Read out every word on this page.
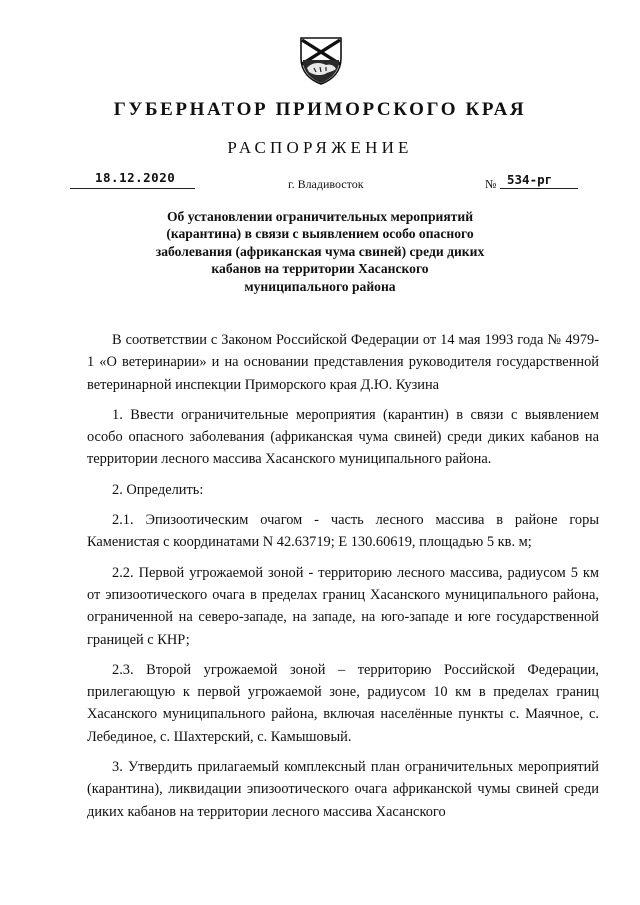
ГУБЕРНАТОР ПРИМОРСКОГО КРАЯ
РАСПОРЯЖЕНИЕ
18.12.2020	г. Владивосток	№ 534-рг
Об установлении ограничительных мероприятий
(карантина) в связи с выявлением особо опасного
заболевания (африканская чума свиней) среди диких
кабанов на территории Хасанского
муниципального района

В соответствии с Законом Российской Федерации от 14 мая 1993 года № 4979-1 «О ветеринарии» и на основании представления руководителя государственной ветеринарной инспекции Приморского края Д.Ю. Кузина

1. Ввести ограничительные мероприятия (карантин) в связи с выявлением особо опасного заболевания (африканская чума свиней) среди диких кабанов на территории лесного массива Хасанского муниципального района.

2. Определить:

2.1. Эпизоотическим очагом - часть лесного массива в районе горы Каменистая с координатами N 42.63719; E 130.60619, площадью 5 кв. м;

2.2. Первой угрожаемой зоной - территорию лесного массива, радиусом 5 км от эпизоотического очага в пределах границ Хасанского муниципального района, ограниченной на северо-западе, на западе, на юго-западе и юге государственной границей с КНР;

2.3. Второй угрожаемой зоной – территорию Российской Федерации, прилегающую к первой угрожаемой зоне, радиусом 10 км в пределах границ Хасанского муниципального района, включая населённые пункты с. Маячное, с. Лебединое, с. Шахтерский, с. Камышовый.

3. Утвердить прилагаемый комплексный план ограничительных мероприятий (карантина), ликвидации эпизоотического очага африканской чумы свиней среди диких кабанов на территории лесного массива Хасанского
